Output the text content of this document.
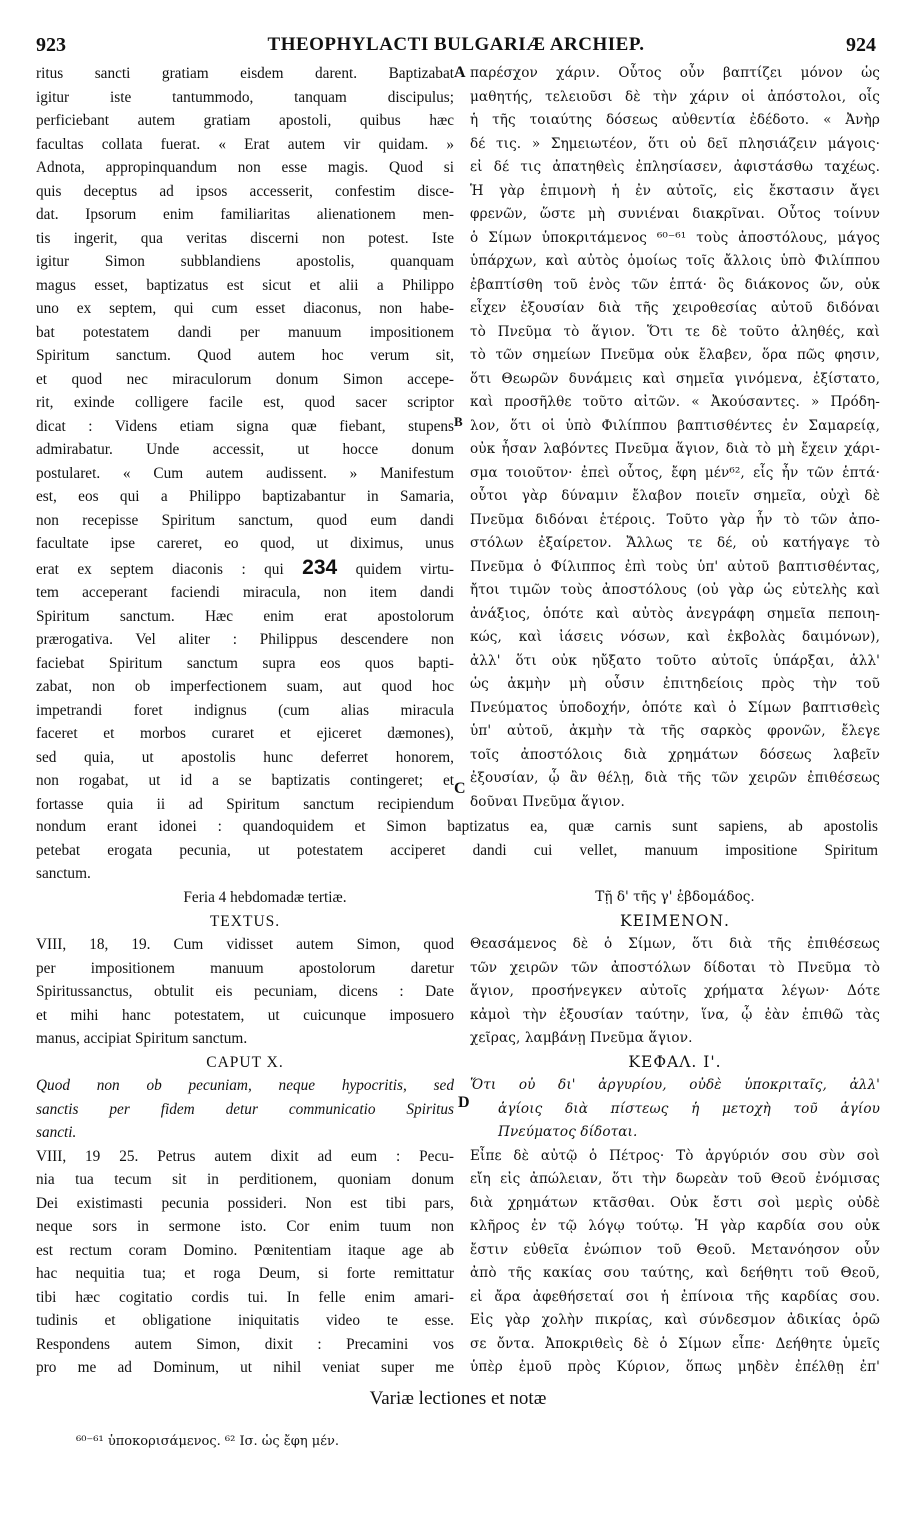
923	THEOPHYLACTI BULGARIÆ ARCHIEP.	924
ritus sancti gratiam eisdem darent. Baptizabat
igitur iste tantummodo, tanquam discipulus;
perficiebant autem gratiam apostoli, quibus hæc
facultas collata fuerat. « Erat autem vir quidam. »
Adnota, appropinquandum non esse magis. Quod si
quis deceptus ad ipsos accesserit, confestim disce-
dat. Ipsorum enim familiaritas alienationem men-
tis ingerit, qua veritas discerni non potest. Iste
igitur Simon subblandiens apostolis, quanquam
magus esset, baptizatus est sicut et alii a Philippo
uno ex septem, qui cum esset diaconus, non habe-
bat potestatem dandi per manuum impositionem
Spiritum sanctum. Quod autem hoc verum sit,
et quod nec miraculorum donum Simon accepe-
rit, exinde colligere facile est, quod sacer scriptor
dicat : Videns etiam signa quæ fiebant, stupens
admirabatur. Unde accessit, ut hocce donum
postularet. « Cum autem audissent. » Manifestum
est, eos qui a Philippo baptizabantur in Samaria,
non recepisse Spiritum sanctum, quod eum dandi
facultate ipse careret, eo quod, ut diximus, unus
erat ex septem diaconis : qui 234 quidem virtu-
tem acceperant faciendi miracula, non item dandi
Spiritum sanctum. Hæc enim erat apostolorum
prærogativa. Vel aliter : Philippus descendere non
faciebat Spiritum sanctum supra eos quos bapti-
zabat, non ob imperfectionem suam, aut quod hoc
impetrandi foret indignus (cum alias miracula
faceret et morbos curaret et ejiceret dæmones),
sed quia, ut apostolis hunc deferret honorem,
non rogabat, ut id a se baptizatis contingeret; et
fortasse quia ii ad Spiritum sanctum recipiendum
παρέσχον χάριν. Οὗτος οὖν βαπτίζει μόνον ὡς
μαθητής, τελειοῦσι δὲ τὴν χάριν οἱ ἀπόστολοι, οἷς
ἡ τῆς τοιαύτης δόσεως αὐθεντία ἐδέδοτο. « Ἀνὴρ
δέ τις. » Σημειωτέον, ὅτι οὐ δεῖ πλησιάζειν μάγοις·
εἰ δέ τις ἀπατηθεὶς ἐπλησίασεν, ἀφιστάσθω ταχέως.
Ἡ γὰρ ἐπιμονὴ ἡ ἐν αὐτοῖς, εἰς ἔκστασιν ἄγει
φρενῶν, ὥστε μὴ συνιέναι διακρῖναι. Οὗτος τοίνυν
ὁ Σίμων ὑποκριτάμενος ⁶⁰⁻⁶¹ τοὺς ἀποστόλους, μάγος
ὑπάρχων, καὶ αὐτὸς ὁμοίως τοῖς ἄλλοις ὑπὸ Φιλίππου
ἐβαπτίσθη τοῦ ἑνὸς τῶν ἑπτά· ὃς διάκονος ὤν, οὐκ
εἶχεν ἐξουσίαν διὰ τῆς χειροθεσίας αὐτοῦ διδόναι
τὸ Πνεῦμα τὸ ἅγιον. Ὅτι τε δὲ τοῦτο ἀληθές, καὶ
τὸ τῶν σημείων Πνεῦμα οὐκ ἔλαβεν, ὅρα πῶς φησιν,
ὅτι Θεωρῶν δυνάμεις καὶ σημεῖα γινόμενα, ἐξίστατο,
καὶ προσῆλθε τοῦτο αἰτῶν. « Ἀκούσαντες. » Πρόδη-
λον, ὅτι οἱ ὑπὸ Φιλίππου βαπτισθέντες ἐν Σαμαρείᾳ,
οὐκ ἦσαν λαβόντες Πνεῦμα ἅγιον, διὰ τὸ μὴ ἔχειν χάρι-
σμα τοιοῦτον· ἐπεὶ οὗτος, ἔφη μέν⁶², εἷς ἦν τῶν ἑπτά·
οὗτοι γὰρ δύναμιν ἔλαβον ποιεῖν σημεῖα, οὐχὶ δὲ
Πνεῦμα διδόναι ἑτέροις. Τοῦτο γὰρ ἦν τὸ τῶν ἀπο-
στόλων ἐξαίρετον. Ἄλλως τε δέ, οὐ κατήγαγε τὸ
Πνεῦμα ὁ Φίλιππος ἐπὶ τοὺς ὑπ' αὐτοῦ βαπτισθέντας,
ἤτοι τιμῶν τοὺς ἀποστόλους (οὐ γὰρ ὡς εὐτελὴς καὶ
ἀνάξιος, ὁπότε καὶ αὐτὸς ἀνεγράφη σημεῖα πεποιη-
κώς, καὶ ἰάσεις νόσων, καὶ ἐκβολὰς δαιμόνων),
ἀλλ' ὅτι οὐκ ηὔξατο τοῦτο αὐτοῖς ὑπάρξαι, ἀλλ'
ὡς ἀκμὴν μὴ οὖσιν ἐπιτηδείοις πρὸς τὴν τοῦ
Πνεύματος ὑποδοχήν, ὁπότε καὶ ὁ Σίμων βαπτισθεὶς
ὑπ' αὐτοῦ, ἀκμὴν τὰ τῆς σαρκὸς φρονῶν, ἔλεγε
τοῖς ἀποστόλοις διὰ χρημάτων δόσεως λαβεῖν
ἐξουσίαν, ᾧ ἂν θέλῃ, διὰ τῆς τῶν χειρῶν ἐπιθέσεως
δοῦναι Πνεῦμα ἅγιον.
A
B
C
D
nondum erant idonei : quandoquidem et Simon baptizatus ea, quæ carnis sunt sapiens, ab apostolis
petebat erogata pecunia, ut potestatem acciperet dandi cui vellet, manuum impositione Spiritum
sanctum.
Feria 4 hebdomadæ tertiæ.
TEXTUS.
VIII, 18, 19. Cum vidisset autem Simon, quod
per impositionem manuum apostolorum daretur
Spiritussanctus, obtulit eis pecuniam, dicens : Date
et mihi hanc potestatem, ut cuicunque imposuero
manus, accipiat Spiritum sanctum.
CAPUT X.
Quod non ob pecuniam, neque hypocritis, sed
sanctis per fidem detur communicatio Spiritus
sancti.
VIII, 19 25. Petrus autem dixit ad eum : Pecu-
nia tua tecum sit in perditionem, quoniam donum
Dei existimasti pecunia possideri. Non est tibi pars,
neque sors in sermone isto. Cor enim tuum non
est rectum coram Domino. Pœnitentiam itaque age ab
hac nequitia tua; et roga Deum, si forte remittatur
tibi hæc cogitatio cordis tui. In felle enim amari-
tudinis et obligatione iniquitatis video te esse.
Respondens autem Simon, dixit : Precamini vos
pro me ad Dominum, ut nihil veniat super me
Τῇ δ' τῆς γ' ἑβδομάδος.
ΚΕΙΜΕΝΟΝ.
Θεασάμενος δὲ ὁ Σίμων, ὅτι διὰ τῆς ἐπιθέσεως
τῶν χειρῶν τῶν ἀποστόλων δίδοται τὸ Πνεῦμα τὸ
ἅγιον, προσήνεγκεν αὐτοῖς χρήματα λέγων· Δότε
κἀμοὶ τὴν ἐξουσίαν ταύτην, ἵνα, ᾧ ἐὰν ἐπιθῶ τὰς
χεῖρας, λαμβάνῃ Πνεῦμα ἅγιον.
ΚΕΦΑΛ. Ι'.
Ὅτι οὐ δι' ἀργυρίου, οὐδὲ ὑποκριταῖς, ἀλλ'
ἁγίοις διὰ πίστεως ἡ μετοχὴ τοῦ ἁγίου
Πνεύματος δίδοται.
Εἶπε δὲ αὐτῷ ὁ Πέτρος· Τὸ ἀργύριόν σου σὺν σοὶ
εἴη εἰς ἀπώλειαν, ὅτι τὴν δωρεὰν τοῦ Θεοῦ ἐνόμισας
διὰ χρημάτων κτᾶσθαι. Οὐκ ἔστι σοὶ μερὶς οὐδὲ
κλῆρος ἐν τῷ λόγῳ τούτῳ. Ἡ γὰρ καρδία σου οὐκ
ἔστιν εὐθεῖα ἐνώπιον τοῦ Θεοῦ. Μετανόησον οὖν
ἀπὸ τῆς κακίας σου ταύτης, καὶ δεήθητι τοῦ Θεοῦ,
εἰ ἄρα ἀφεθήσεταί σοι ἡ ἐπίνοια τῆς καρδίας σου.
Εἰς γὰρ χολὴν πικρίας, καὶ σύνδεσμον ἀδικίας ὁρῶ
σε ὄντα. Ἀποκριθεὶς δὲ ὁ Σίμων εἶπε· Δεήθητε ὑμεῖς
ὑπὲρ ἐμοῦ πρὸς Κύριον, ὅπως μηδὲν ἐπέλθῃ ἐπ'
Variæ lectiones et notæ
⁶⁰⁻⁶¹ ὑποκορισάμενος. ⁶² Ισ. ὡς ἔφη μέν.
